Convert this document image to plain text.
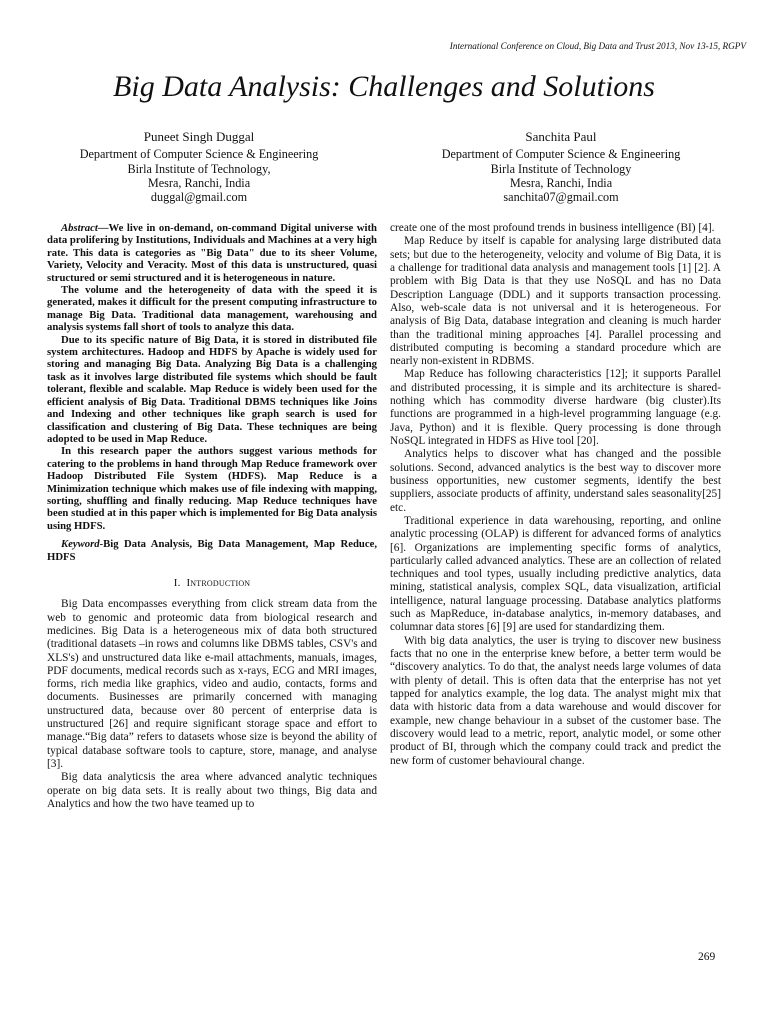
International Conference on Cloud, Big Data and Trust 2013, Nov 13-15, RGPV
Big Data Analysis: Challenges and Solutions
Puneet Singh Duggal
Department of Computer Science & Engineering
Birla Institute of Technology,
Mesra, Ranchi, India
duggal@gmail.com
Sanchita Paul
Department of Computer Science & Engineering
Birla Institute of Technology
Mesra, Ranchi, India
sanchita07@gmail.com

Abstract—We live in on-demand, on-command Digital universe with data prolifering by Institutions, Individuals and Machines at a very high rate. This data is categories as "Big Data" due to its sheer Volume, Variety, Velocity and Veracity. Most of this data is unstructured, quasi structured or semi structured and it is heterogeneous in nature.

The volume and the heterogeneity of data with the speed it is generated, makes it difficult for the present computing infrastructure to manage Big Data. Traditional data management, warehousing and analysis systems fall short of tools to analyze this data.

Due to its specific nature of Big Data, it is stored in distributed file system architectures. Hadoop and HDFS by Apache is widely used for storing and managing Big Data. Analyzing Big Data is a challenging task as it involves large distributed file systems which should be fault tolerant, flexible and scalable. Map Reduce is widely been used for the efficient analysis of Big Data. Traditional DBMS techniques like Joins and Indexing and other techniques like graph search is used for classification and clustering of Big Data. These techniques are being adopted to be used in Map Reduce.

In this research paper the authors suggest various methods for catering to the problems in hand through Map Reduce framework over Hadoop Distributed File System (HDFS). Map Reduce is a Minimization technique which makes use of file indexing with mapping, sorting, shuffling and finally reducing. Map Reduce techniques have been studied at in this paper which is implemented for Big Data analysis using HDFS.

Keyword-Big Data Analysis, Big Data Management, Map Reduce, HDFS

I. Introduction

Big Data encompasses everything from click stream data from the web to genomic and proteomic data from biological research and medicines. Big Data is a heterogeneous mix of data both structured (traditional datasets –in rows and columns like DBMS tables, CSV's and XLS's) and unstructured data like e-mail attachments, manuals, images, PDF documents, medical records such as x-rays, ECG and MRI images, forms, rich media like graphics, video and audio, contacts, forms and documents. Businesses are primarily concerned with managing unstructured data, because over 80 percent of enterprise data is unstructured [26] and require significant storage space and effort to manage.“Big data” refers to datasets whose size is beyond the ability of typical database software tools to capture, store, manage, and analyse [3].

Big data analyticsis the area where advanced analytic techniques operate on big data sets. It is really about two things, Big data and Analytics and how the two have teamed up to

create one of the most profound trends in business intelligence (BI) [4].

Map Reduce by itself is capable for analysing large distributed data sets; but due to the heterogeneity, velocity and volume of Big Data, it is a challenge for traditional data analysis and management tools [1] [2]. A problem with Big Data is that they use NoSQL and has no Data Description Language (DDL) and it supports transaction processing. Also, web-scale data is not universal and it is heterogeneous. For analysis of Big Data, database integration and cleaning is much harder than the traditional mining approaches [4]. Parallel processing and distributed computing is becoming a standard procedure which are nearly non-existent in RDBMS.

Map Reduce has following characteristics [12]; it supports Parallel and distributed processing, it is simple and its architecture is shared-nothing which has commodity diverse hardware (big cluster).Its functions are programmed in a high-level programming language (e.g. Java, Python) and it is flexible. Query processing is done through NoSQL integrated in HDFS as Hive tool [20].

Analytics helps to discover what has changed and the possible solutions. Second, advanced analytics is the best way to discover more business opportunities, new customer segments, identify the best suppliers, associate products of affinity, understand sales seasonality[25] etc.

Traditional experience in data warehousing, reporting, and online analytic processing (OLAP) is different for advanced forms of analytics [6]. Organizations are implementing specific forms of analytics, particularly called advanced analytics. These are an collection of related techniques and tool types, usually including predictive analytics, data mining, statistical analysis, complex SQL, data visualization, artificial intelligence, natural language processing. Database analytics platforms such as MapReduce, in-database analytics, in-memory databases, and columnar data stores [6] [9] are used for standardizing them.

With big data analytics, the user is trying to discover new business facts that no one in the enterprise knew before, a better term would be “discovery analytics. To do that, the analyst needs large volumes of data with plenty of detail. This is often data that the enterprise has not yet tapped for analytics example, the log data. The analyst might mix that data with historic data from a data warehouse and would discover for example, new change behaviour in a subset of the customer base. The discovery would lead to a metric, report, analytic model, or some other product of BI, through which the company could track and predict the new form of customer behavioural change.

269
